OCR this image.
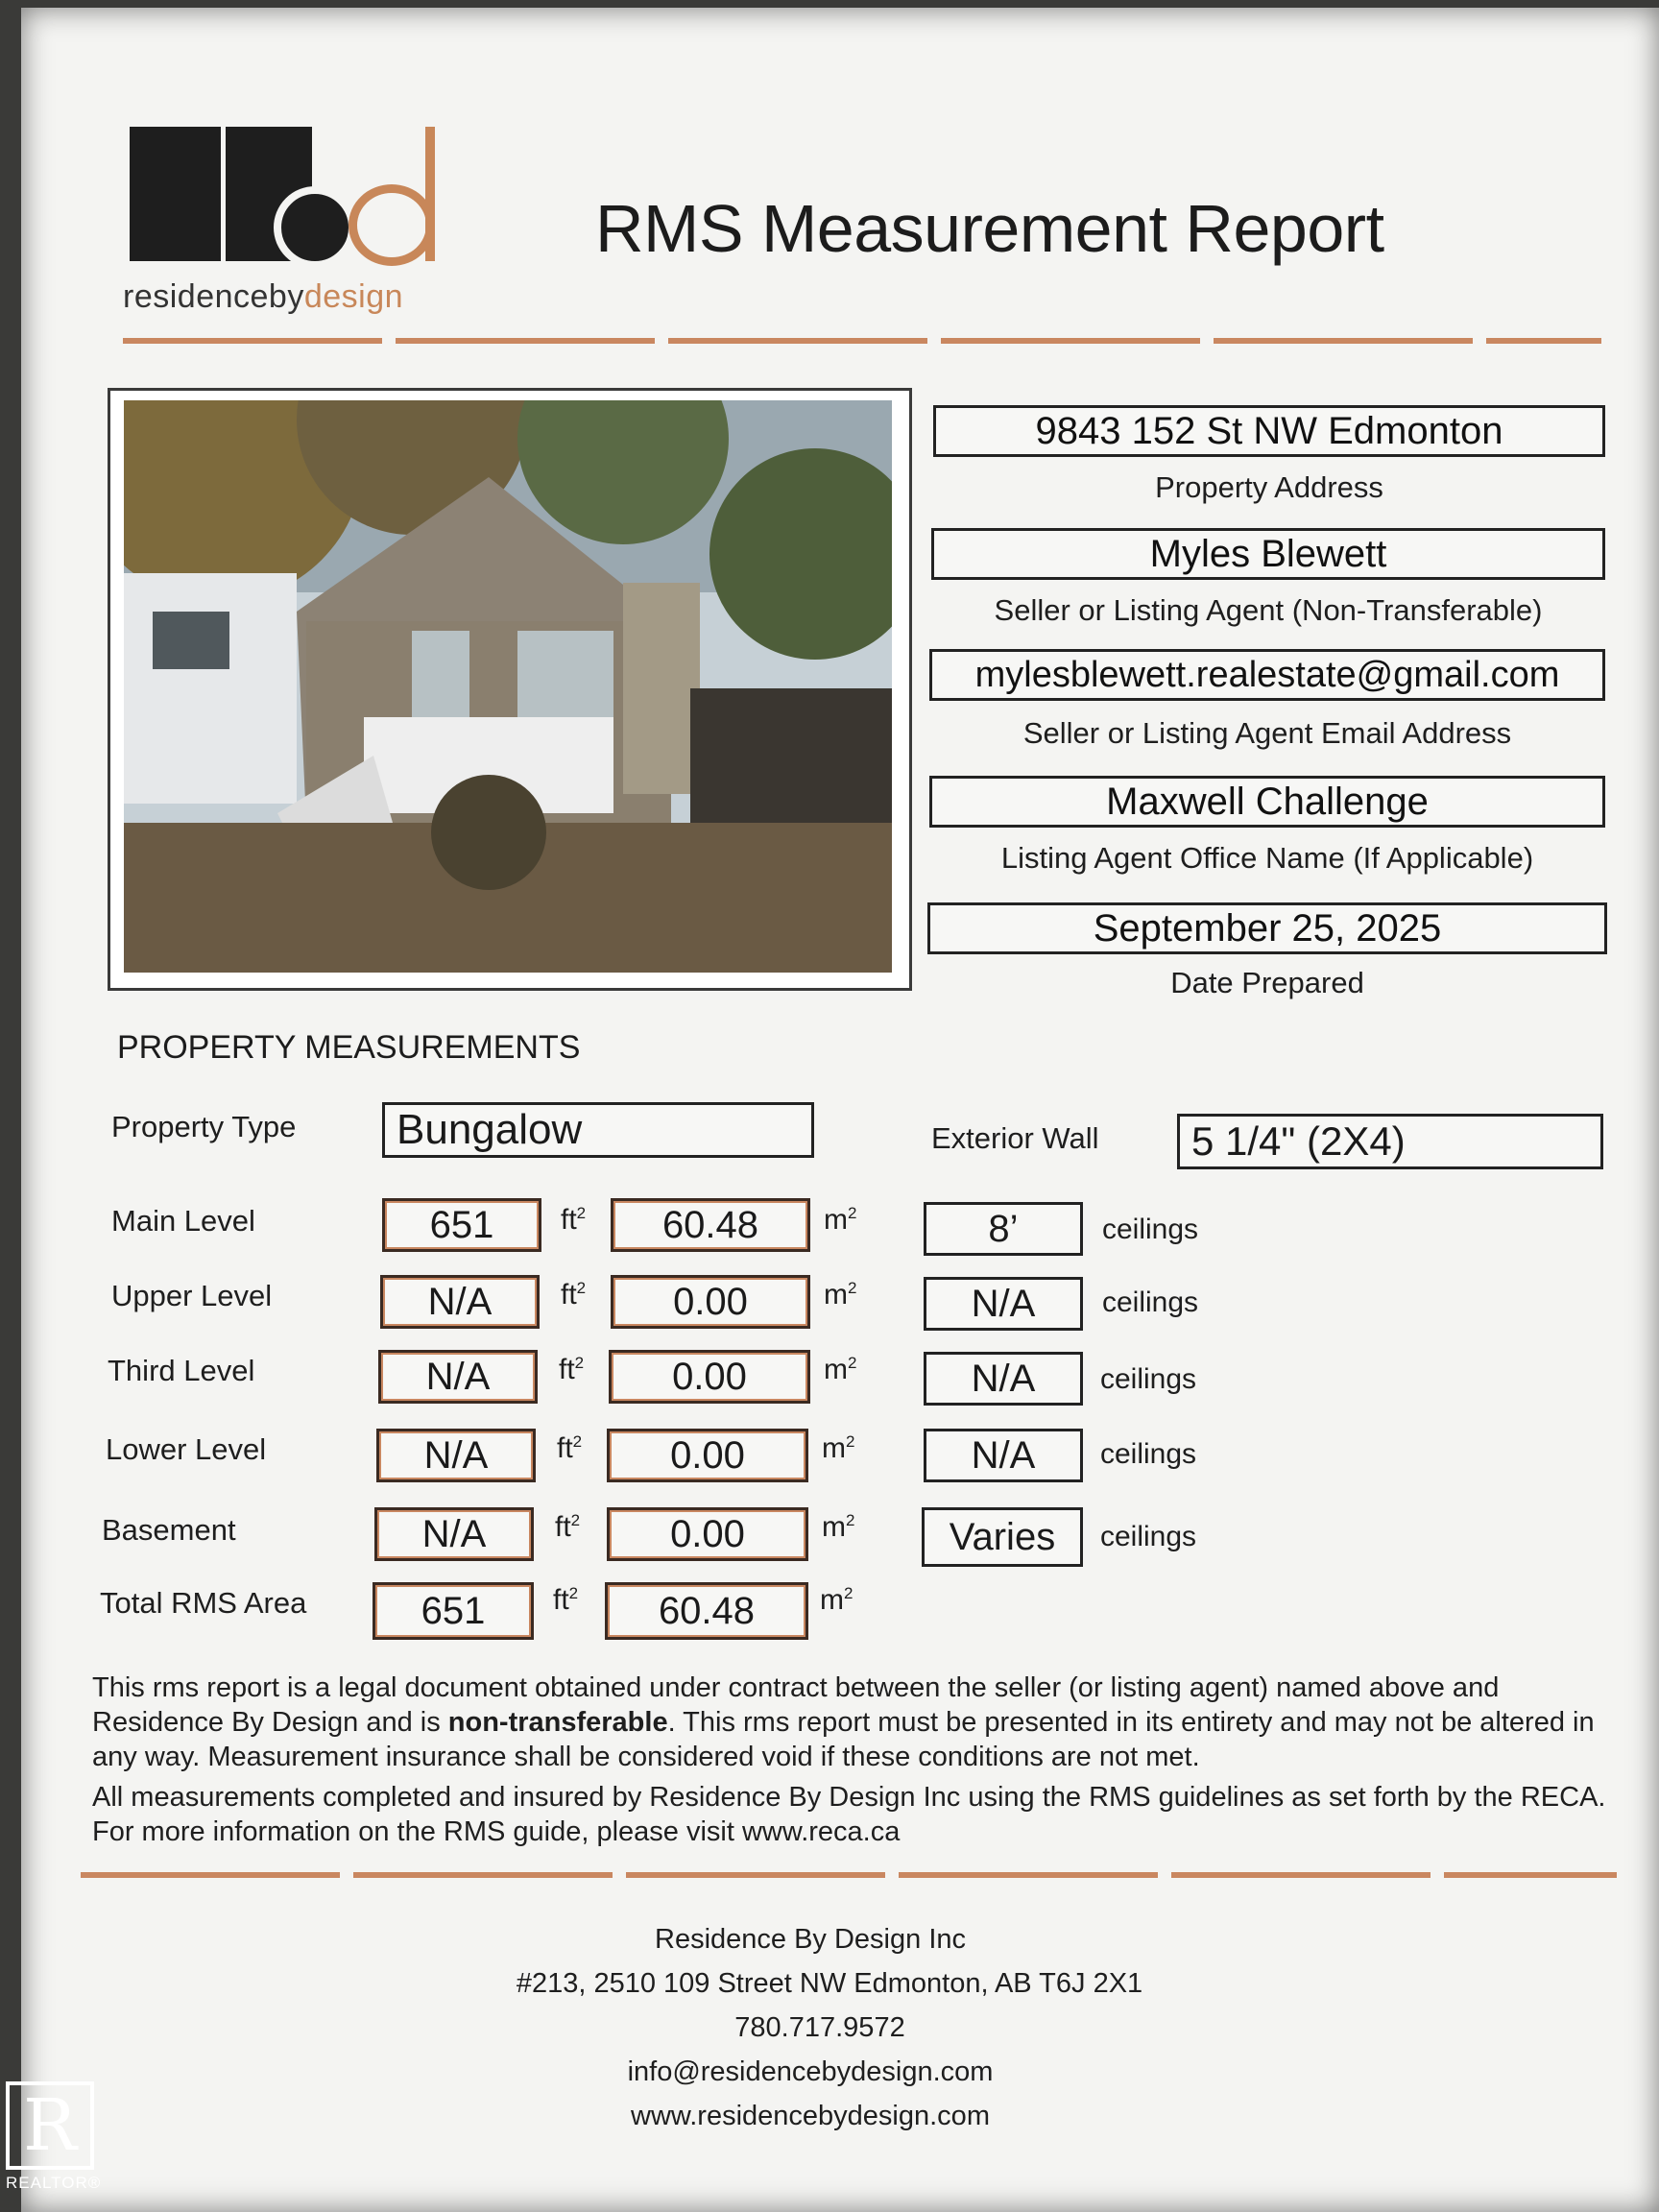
residencebydesign
RMS Measurement Report
9843 152 St NW Edmonton
Property Address
Myles Blewett
Seller or Listing Agent (Non-Transferable)
mylesblewett.realestate@gmail.com
Seller or Listing Agent Email Address
Maxwell Challenge
Listing Agent Office Name (If Applicable)
September 25, 2025
Date Prepared
PROPERTY MEASUREMENTS
Property Type	Bungalow	Exterior Wall	5 1/4" (2X4)
Main Level	651	$ft^2$	60.48	$m^2$	8’	ceilings
Upper Level	N/A	$ft^2$	0.00	$m^2$	N/A	ceilings
Third Level	N/A	$ft^2$	0.00	$m^2$	N/A	ceilings
Lower Level	N/A	$ft^2$	0.00	$m^2$	N/A	ceilings
Basement	N/A	$ft^2$	0.00	$m^2$	Varies	ceilings
Total RMS Area	651	$ft^2$	60.48	$m^2$
This rms report is a legal document obtained under contract between the seller (or listing agent) named above and Residence By Design and is non-transferable. This rms report must be presented in its entirety and may not be altered in any way. Measurement insurance shall be considered void if these conditions are not met.
All measurements completed and insured by Residence By Design Inc using the RMS guidelines as set forth by the RECA. For more information on the RMS guide, please visit www.reca.ca
Residence By Design Inc
#213, 2510 109 Street NW Edmonton, AB T6J 2X1
780.717.9572
info@residencebydesign.com
www.residencebydesign.com
R
REALTOR®
